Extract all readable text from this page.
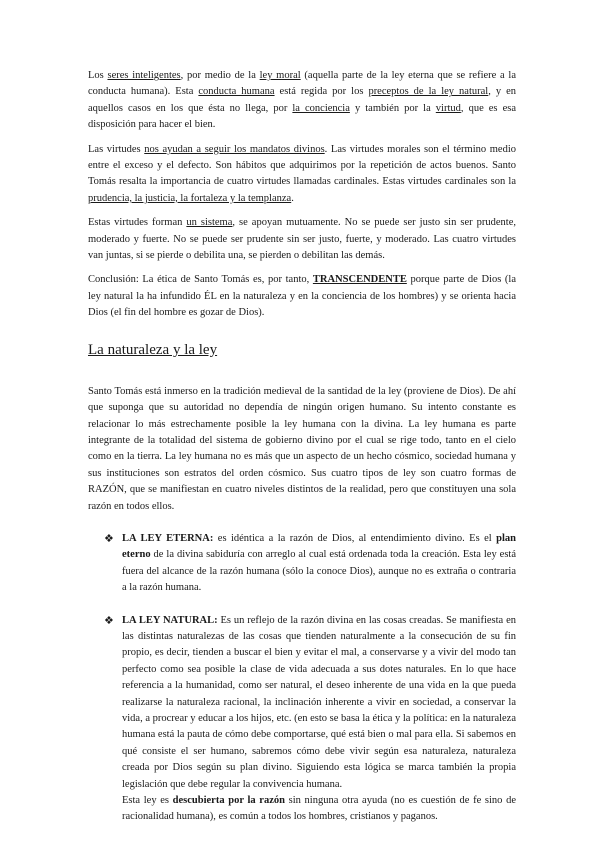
Los seres inteligentes, por medio de la ley moral (aquella parte de la ley eterna que se refiere a la conducta humana). Esta conducta humana está regida por los preceptos de la ley natural, y en aquellos casos en los que ésta no llega, por la conciencia y también por la virtud, que es esa disposición para hacer el bien.

Las virtudes nos ayudan a seguir los mandatos divinos. Las virtudes morales son el término medio entre el exceso y el defecto. Son hábitos que adquirimos por la repetición de actos buenos. Santo Tomás resalta la importancia de cuatro virtudes llamadas cardinales. Estas virtudes cardinales son la prudencia, la justicia, la fortaleza y la templanza.

Estas virtudes forman un sistema, se apoyan mutuamente. No se puede ser justo sin ser prudente, moderado y fuerte. No se puede ser prudente sin ser justo, fuerte, y moderado. Las cuatro virtudes van juntas, si se pierde o debilita una, se pierden o debilitan las demás.

Conclusión: La ética de Santo Tomás es, por tanto, TRANSCENDENTE porque parte de Dios (la ley natural la ha infundido ÉL en la naturaleza y en la conciencia de los hombres) y se orienta hacia Dios (el fin del hombre es gozar de Dios).

La naturaleza y la ley

Santo Tomás está inmerso en la tradición medieval de la santidad de la ley (proviene de Dios). De ahí que suponga que su autoridad no dependía de ningún origen humano. Su intento constante es relacionar lo más estrechamente posible la ley humana con la divina. La ley humana es parte integrante de la totalidad del sistema de gobierno divino por el cual se rige todo, tanto en el cielo como en la tierra. La ley humana no es más que un aspecto de un hecho cósmico, sociedad humana y sus instituciones son estratos del orden cósmico. Sus cuatro tipos de ley son cuatro formas de RAZÓN, que se manifiestan en cuatro niveles distintos de la realidad, pero que constituyen una sola razón en todos ellos.

❖ LA LEY ETERNA: es idéntica a la razón de Dios, al entendimiento divino. Es el plan eterno de la divina sabiduría con arreglo al cual está ordenada toda la creación. Esta ley está fuera del alcance de la razón humana (sólo la conoce Dios), aunque no es extraña o contraria a la razón humana.

❖ LA LEY NATURAL: Es un reflejo de la razón divina en las cosas creadas. Se manifiesta en las distintas naturalezas de las cosas que tienden naturalmente a la consecución de su fin propio, es decir, tienden a buscar el bien y evitar el mal, a conservarse y a vivir del modo tan perfecto como sea posible la clase de vida adecuada a sus dotes naturales. En lo que hace referencia a la humanidad, como ser natural, el deseo inherente de una vida en la que pueda realizarse la naturaleza racional, la inclinación inherente a vivir en sociedad, a conservar la vida, a procrear y educar a los hijos, etc. (en esto se basa la ética y la política: en la naturaleza humana está la pauta de cómo debe comportarse, qué está bien o mal para ella. Si sabemos en qué consiste el ser humano, sabremos cómo debe vivir según esa naturaleza, naturaleza creada por Dios según su plan divino. Siguiendo esta lógica se marca también la propia legislación que debe regular la convivencia humana.

Esta ley es descubierta por la razón sin ninguna otra ayuda (no es cuestión de fe sino de racionalidad humana), es común a todos los hombres, cristianos y paganos.
